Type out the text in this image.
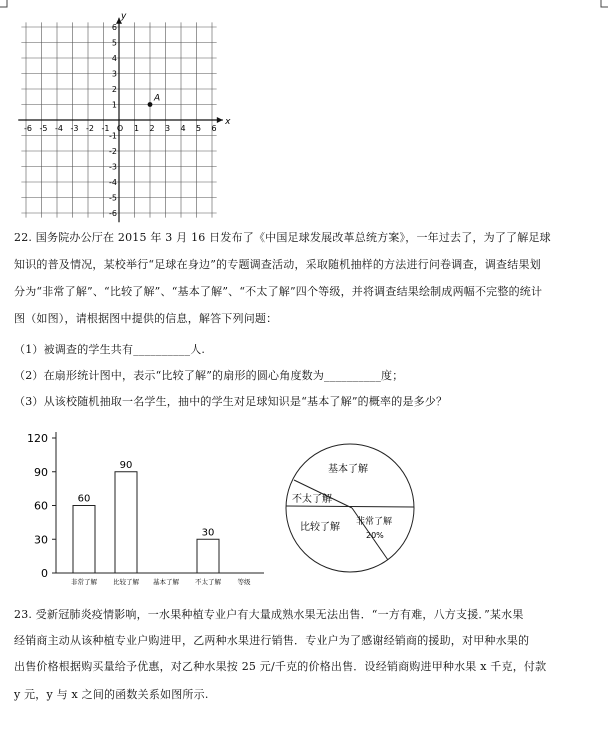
x
y
-6 -5 -4 -3 -2 -1 O 1 2 3 4 5 6
6
5
4
3
2
1
-1
-2
-3
-4
-5
-6
A
22. 国务院办公厅在 2015 年 3 月 16 日发布了《中国足球发展改革总统方案》，一年过去了，为了了解足球
知识的普及情况，某校举行“足球在身边”的专题调查活动，采取随机抽样的方法进行问卷调查，调查结果划
分为“非常了解”、“比较了解”、“基本了解”、“不太了解”四个等级，并将调查结果绘制成两幅不完整的统计
图（如图），请根据图中提供的信息，解答下列问题：
（1）被调查的学生共有__________人.
（2）在扇形统计图中，表示“比较了解”的扇形的圆心角度数为__________度；
（3）从该校随机抽取一名学生，抽中的学生对足球知识是“基本了解”的概率的是多少？
0
30
60
90
120
60
非常了解
90
比较了解 基本了解
30
不太了解	等级
基本了解
不太了解
比较了解 非常了解
20%
23. 受新冠肺炎疫情影响，一水果种植专业户有大量成熟水果无法出售．“一方有难，八方支援．”某水果
经销商主动从该种植专业户购进甲，乙两种水果进行销售．专业户为了感谢经销商的援助，对甲种水果的
出售价格根据购买量给予优惠，对乙种水果按 25 元/千克的价格出售．设经销商购进甲种水果 x 千克，付款
y 元，y 与 x 之间的函数关系如图所示.
